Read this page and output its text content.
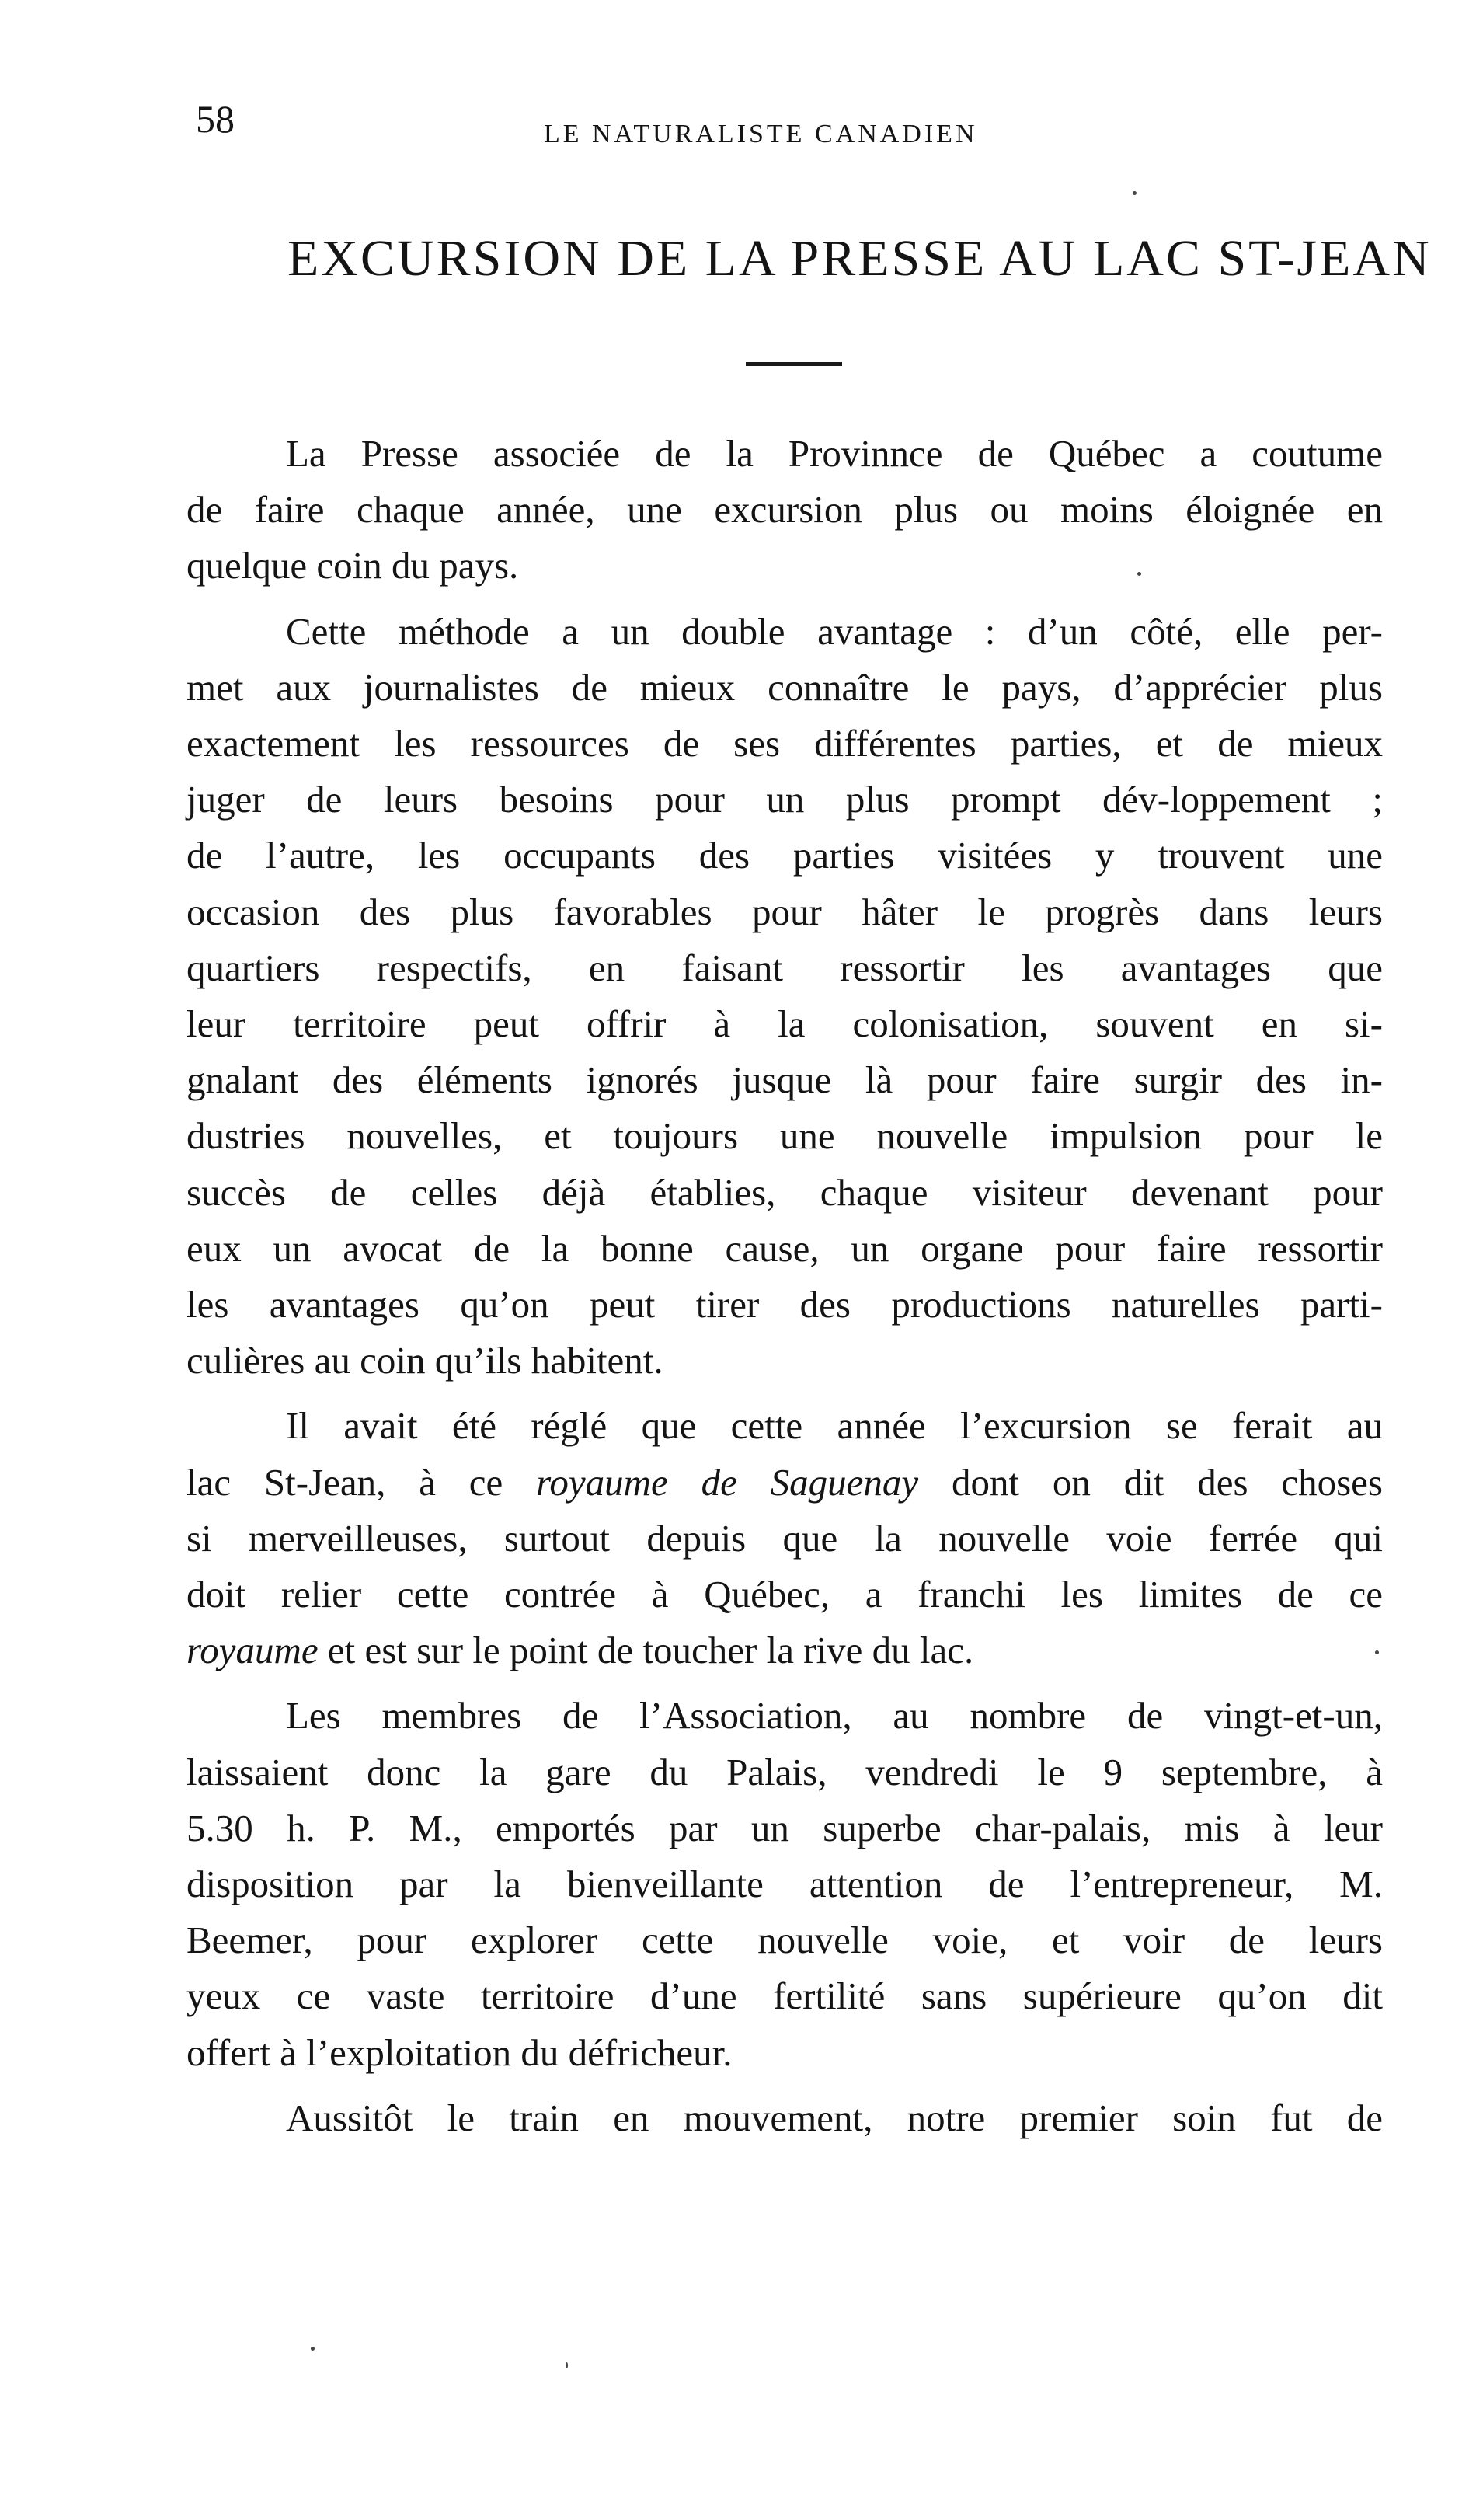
58	LE NATURALISTE CANADIEN
EXCURSION DE LA PRESSE AU LAC ST-JEAN

La Presse associée de la Provinnce de Québec a coutume
de faire chaque année, une excursion plus ou moins éloignée en
quelque coin du pays.

Cette méthode a un double avantage : d’un côté, elle per-
met aux journalistes de mieux connaître le pays, d’apprécier plus
exactement les ressources de ses différentes parties, et de mieux
juger de leurs besoins pour un plus prompt dév-loppement ;
de l’autre, les occupants des parties visitées y trouvent une
occasion des plus favorables pour hâter le progrès dans leurs
quartiers respectifs, en faisant ressortir les avantages que
leur territoire peut offrir à la colonisation, souvent en si-
gnalant des éléments ignorés jusque là pour faire surgir des in-
dustries nouvelles, et toujours une nouvelle impulsion pour le
succès de celles déjà établies, chaque visiteur devenant pour
eux un avocat de la bonne cause, un organe pour faire ressortir
les avantages qu’on peut tirer des productions naturelles parti-
culières au coin qu’ils habitent.

Il avait été réglé que cette année l’excursion se ferait au
lac St-Jean, à ce royaume de Saguenay dont on dit des choses
si merveilleuses, surtout depuis que la nouvelle voie ferrée qui
doit relier cette contrée à Québec, a franchi les limites de ce
royaume et est sur le point de toucher la rive du lac.

Les membres de l’Association, au nombre de vingt-et-un,
laissaient donc la gare du Palais, vendredi le 9 septembre, à
5.30 h. P. M., emportés par un superbe char-palais, mis à leur
disposition par la bienveillante attention de l’entrepreneur, M.
Beemer, pour explorer cette nouvelle voie, et voir de leurs
yeux ce vaste territoire d’une fertilité sans supérieure qu’on dit
offert à l’exploitation du défricheur.

Aussitôt le train en mouvement, notre premier soin fut de
